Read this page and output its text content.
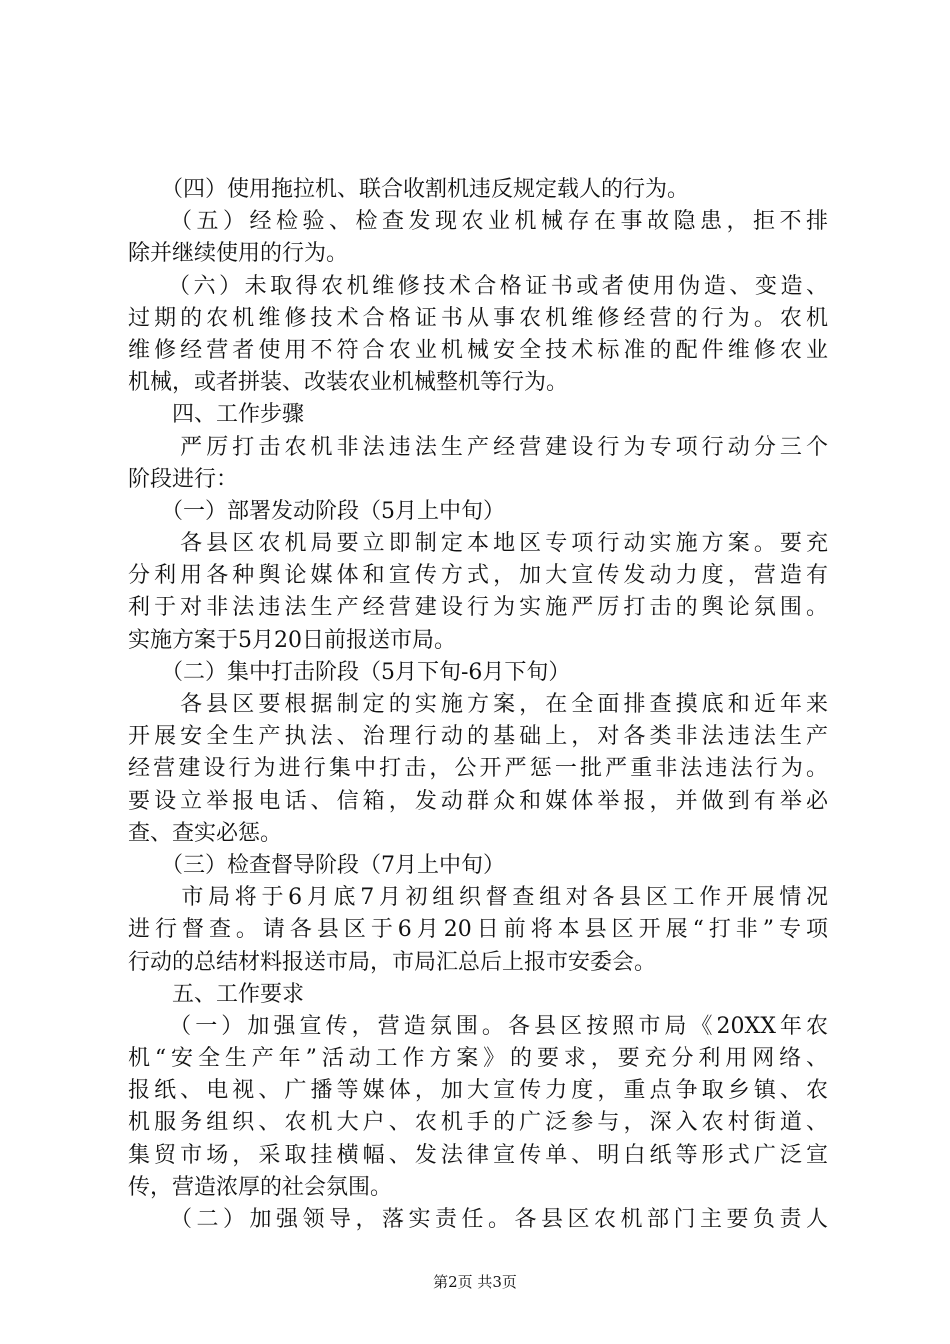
　　（四）使用拖拉机、联合收割机违反规定载人的行为。
　　（五）经检验、检查发现农业机械存在事故隐患，拒不排
除并继续使用的行为。
　　（六）未取得农机维修技术合格证书或者使用伪造、变造、
过期的农机维修技术合格证书从事农机维修经营的行为。农机
维修经营者使用不符合农业机械安全技术标准的配件维修农业
机械，或者拼装、改装农业机械整机等行为。
　　四、工作步骤
　　严厉打击农机非法违法生产经营建设行为专项行动分三个
阶段进行：
　　（一）部署发动阶段（5月上中旬）
　　各县区农机局要立即制定本地区专项行动实施方案。要充
分利用各种舆论媒体和宣传方式，加大宣传发动力度，营造有
利于对非法违法生产经营建设行为实施严厉打击的舆论氛围。
实施方案于5月20日前报送市局。
　　（二）集中打击阶段（5月下旬-6月下旬）
　　各县区要根据制定的实施方案，在全面排查摸底和近年来
开展安全生产执法、治理行动的基础上，对各类非法违法生产
经营建设行为进行集中打击，公开严惩一批严重非法违法行为。
要设立举报电话、信箱，发动群众和媒体举报，并做到有举必
查、查实必惩。
　　（三）检查督导阶段（7月上中旬）
　　市局将于6月底7月初组织督查组对各县区工作开展情况
进行督查。请各县区于6月20日前将本县区开展“打非”专项
行动的总结材料报送市局，市局汇总后上报市安委会。
　　五、工作要求
　　（一）加强宣传，营造氛围。各县区按照市局《20XX年农
机“安全生产年”活动工作方案》的要求，要充分利用网络、
报纸、电视、广播等媒体，加大宣传力度，重点争取乡镇、农
机服务组织、农机大户、农机手的广泛参与，深入农村街道、
集贸市场，采取挂横幅、发法律宣传单、明白纸等形式广泛宣
传，营造浓厚的社会氛围。
　　（二）加强领导，落实责任。各县区农机部门主要负责人
第2页 共3页
